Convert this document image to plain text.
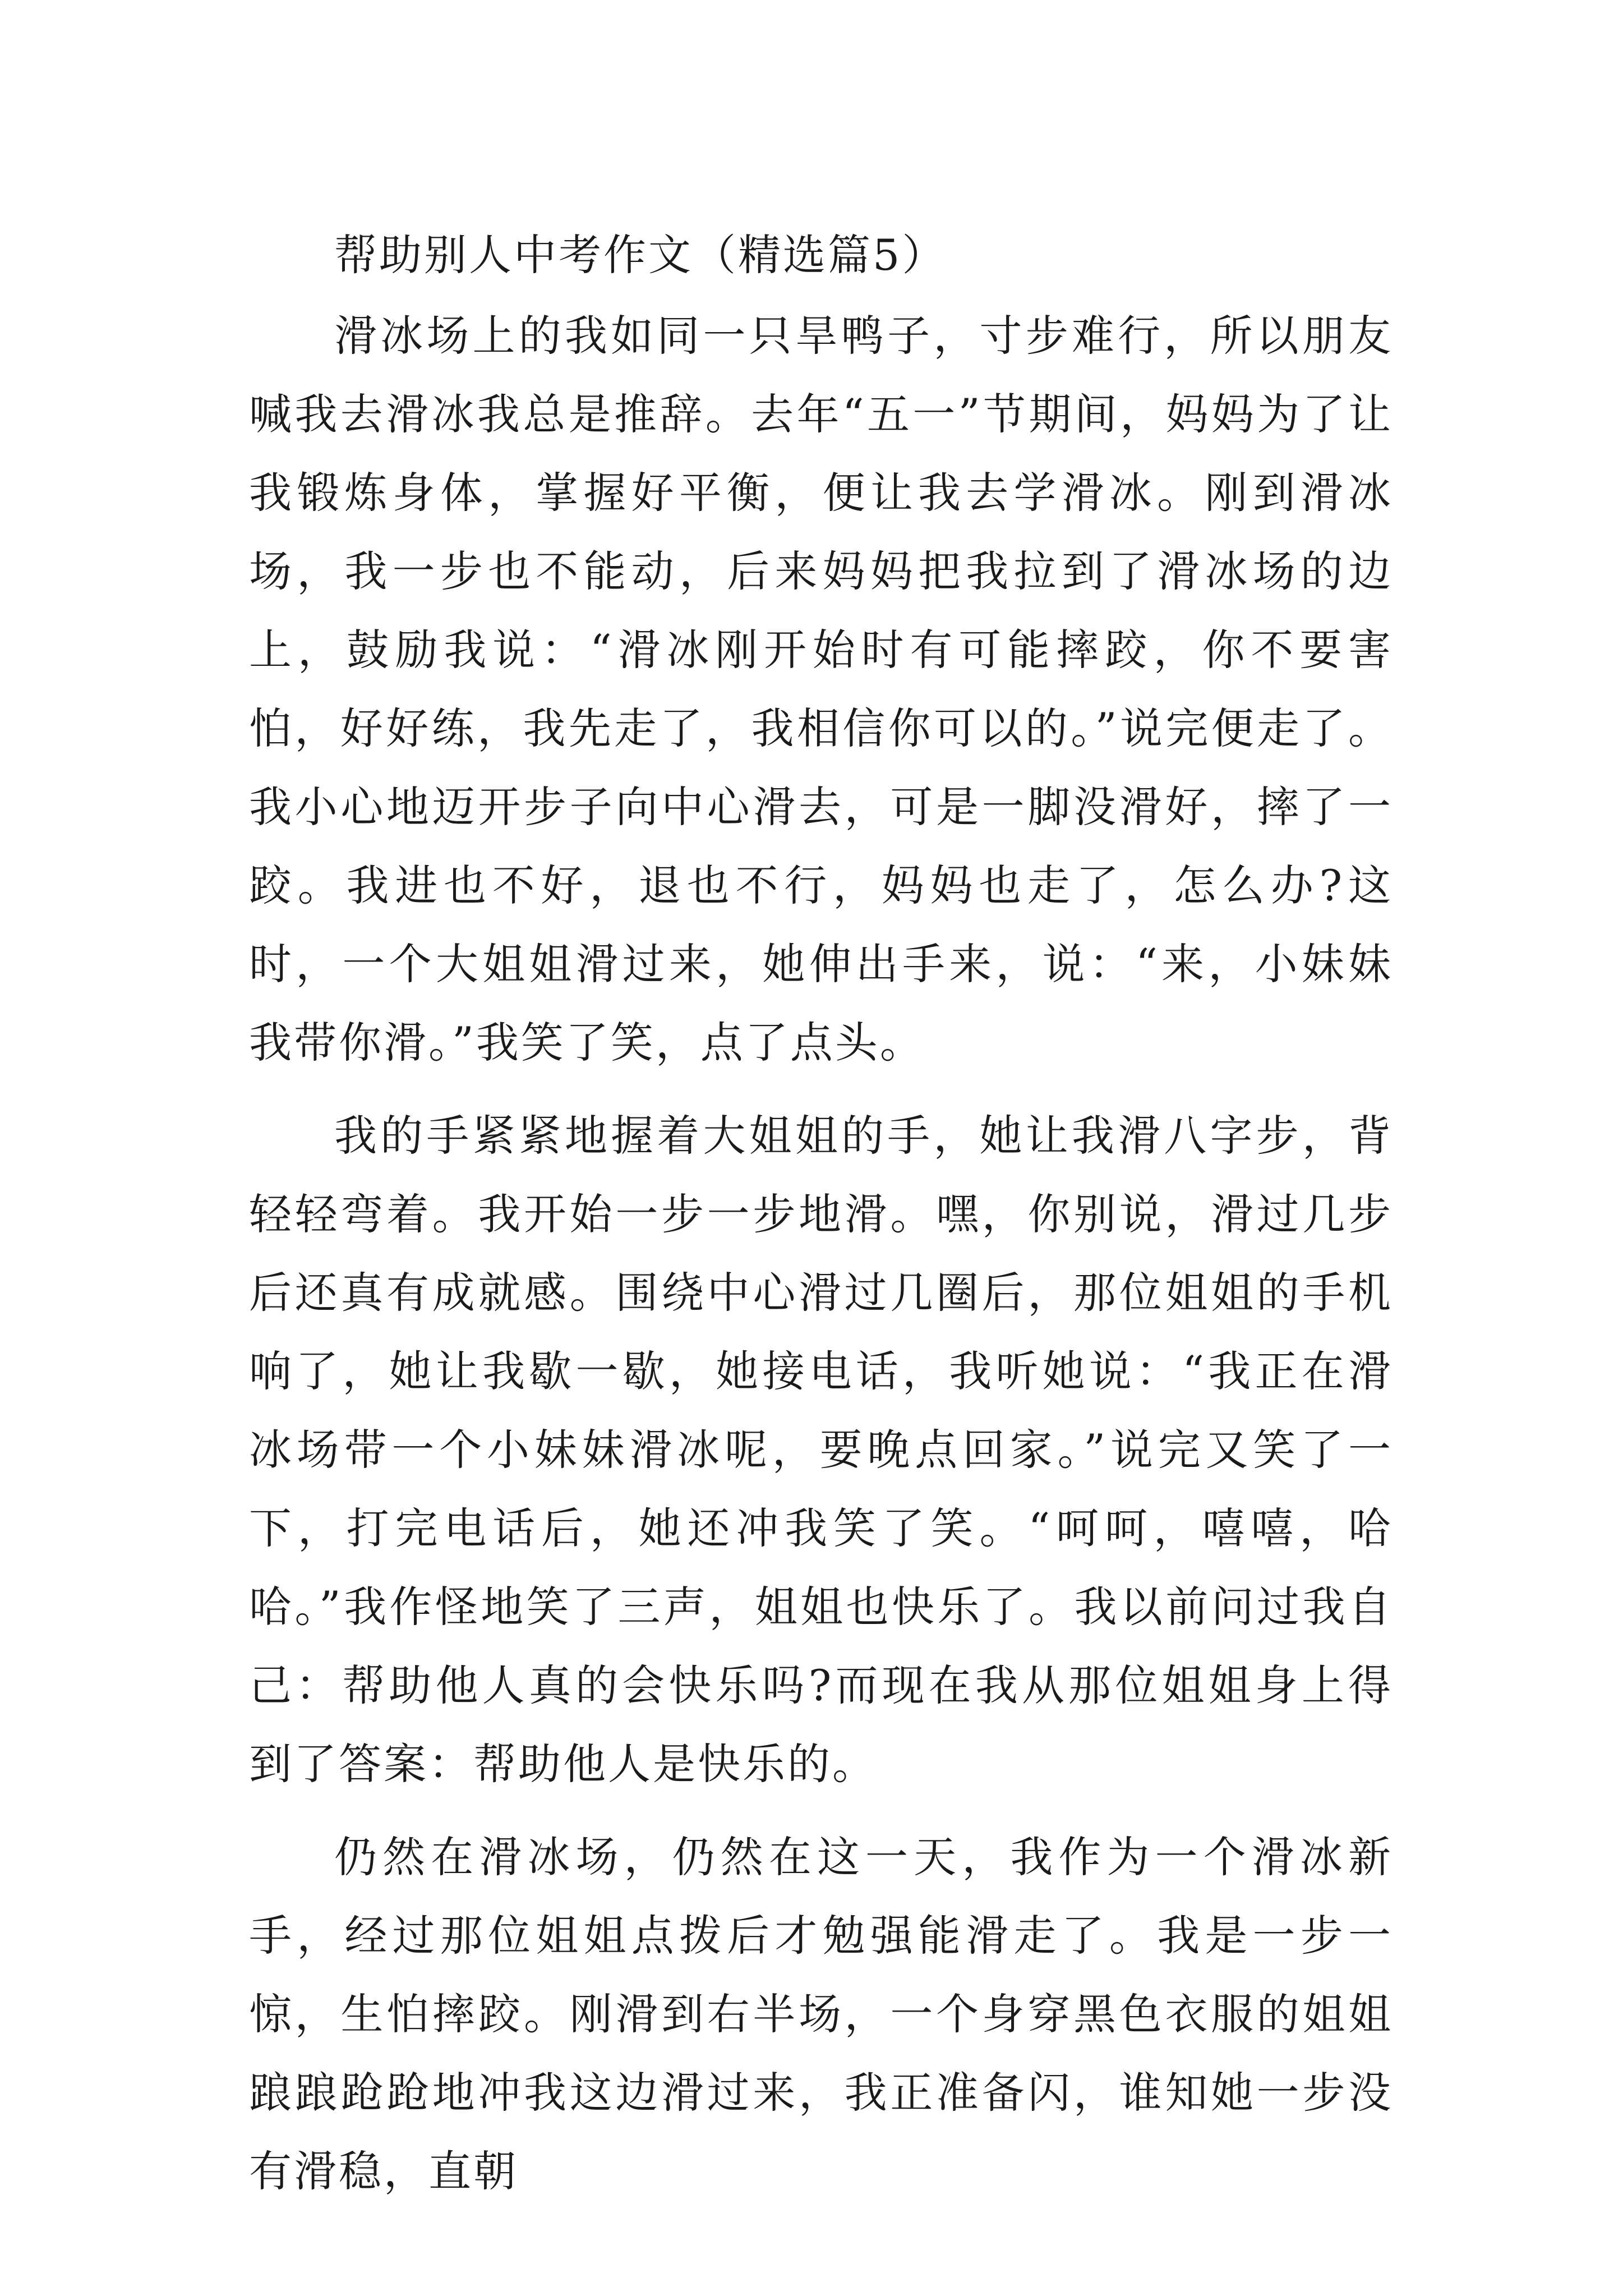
帮助别人中考作文（精选篇5）

滑冰场上的我如同一只旱鸭子，寸步难行，所以朋友喊我去滑冰我总是推辞。去年“五一”节期间，妈妈为了让我锻炼身体，掌握好平衡，便让我去学滑冰。刚到滑冰场，我一步也不能动，后来妈妈把我拉到了滑冰场的边上，鼓励我说：“滑冰刚开始时有可能摔跤，你不要害怕，好好练，我先走了，我相信你可以的。”说完便走了。我小心地迈开步子向中心滑去，可是一脚没滑好，摔了一跤。我进也不好，退也不行，妈妈也走了，怎么办?这时，一个大姐姐滑过来，她伸出手来，说：“来，小妹妹我带你滑。”我笑了笑，点了点头。

我的手紧紧地握着大姐姐的手，她让我滑八字步，背轻轻弯着。我开始一步一步地滑。嘿，你别说，滑过几步后还真有成就感。围绕中心滑过几圈后，那位姐姐的手机响了，她让我歇一歇，她接电话，我听她说：“我正在滑冰场带一个小妹妹滑冰呢，要晚点回家。”说完又笑了一下，打完电话后，她还冲我笑了笑。“呵呵，嘻嘻，哈哈。”我作怪地笑了三声，姐姐也快乐了。我以前问过我自己：帮助他人真的会快乐吗?而现在我从那位姐姐身上得到了答案：帮助他人是快乐的。

仍然在滑冰场，仍然在这一天，我作为一个滑冰新手，经过那位姐姐点拨后才勉强能滑走了。我是一步一惊，生怕摔跤。刚滑到右半场，一个身穿黑色衣服的姐姐踉踉跄跄地冲我这边滑过来，我正准备闪，谁知她一步没有滑稳，直朝
